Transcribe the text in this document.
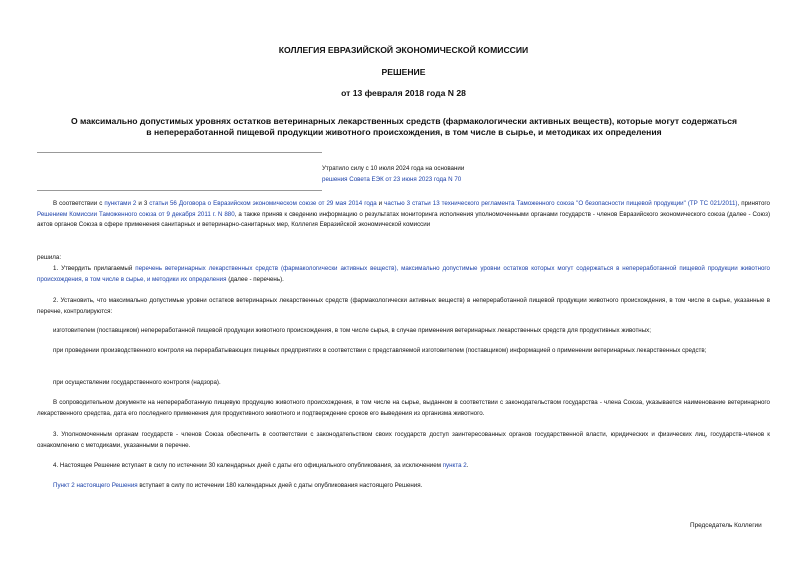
КОЛЛЕГИЯ ЕВРАЗИЙСКОЙ ЭКОНОМИЧЕСКОЙ КОМИССИИ
РЕШЕНИЕ
от 13 февраля 2018 года N 28
О максимально допустимых уровнях остатков ветеринарных лекарственных средств (фармакологически активных веществ), которые могут содержаться в непереработанной пищевой продукции животного происхождения, в том числе в сырье, и методиках их определения
Утратило силу с 10 июля 2024 года на основании
решения Совета ЕЭК от 23 июня 2023 года N 70
В соответствии с пунктами 2 и 3 статьи 56 Договора о Евразийском экономическом союзе от 29 мая 2014 года и частью 3 статьи 13 технического регламента Таможенного союза "О безопасности пищевой продукции" (ТР ТС 021/2011), принятого Решением Комиссии Таможенного союза от 9 декабря 2011 г. N 880, а также приняв к сведению информацию о результатах мониторинга исполнения уполномоченными органами государств - членов Евразийского экономического союза (далее - Союз) актов органов Союза в сфере применения санитарных и ветеринарно-санитарных мер, Коллегия Евразийской экономической комиссии
решила:
1. Утвердить прилагаемый перечень ветеринарных лекарственных средств (фармакологически активных веществ), максимально допустимые уровни остатков которых могут содержаться в непереработанной пищевой продукции животного происхождения, в том числе в сырье, и методики их определения (далее - перечень).
2. Установить, что максимально допустимые уровни остатков ветеринарных лекарственных средств (фармакологически активных веществ) в непереработанной пищевой продукции животного происхождения, в том числе в сырье, указанные в перечне, контролируются:
изготовителем (поставщиком) непереработанной пищевой продукции животного происхождения, в том числе сырья, в случае применения ветеринарных лекарственных средств для продуктивных животных;
при проведении производственного контроля на перерабатывающих пищевых предприятиях в соответствии с представляемой изготовителем (поставщиком) информацией о применении ветеринарных лекарственных средств;
при осуществлении государственного контроля (надзора).
В сопроводительном документе на непереработанную пищевую продукцию животного происхождения, в том числе на сырье, выданном в соответствии с законодательством государства - члена Союза, указывается наименование ветеринарного лекарственного средства, дата его последнего применения для продуктивного животного и подтверждение сроков его выведения из организма животного.
3. Уполномоченным органам государств - членов Союза обеспечить в соответствии с законодательством своих государств доступ заинтересованных органов государственной власти, юридических и физических лиц, государств-членов к ознакомлению с методиками, указанными в перечне.
4. Настоящее Решение вступает в силу по истечении 30 календарных дней с даты его официального опубликования, за исключением пункта 2.
Пункт 2 настоящего Решения вступает в силу по истечении 180 календарных дней с даты опубликования настоящего Решения.
Председатель Коллегии
